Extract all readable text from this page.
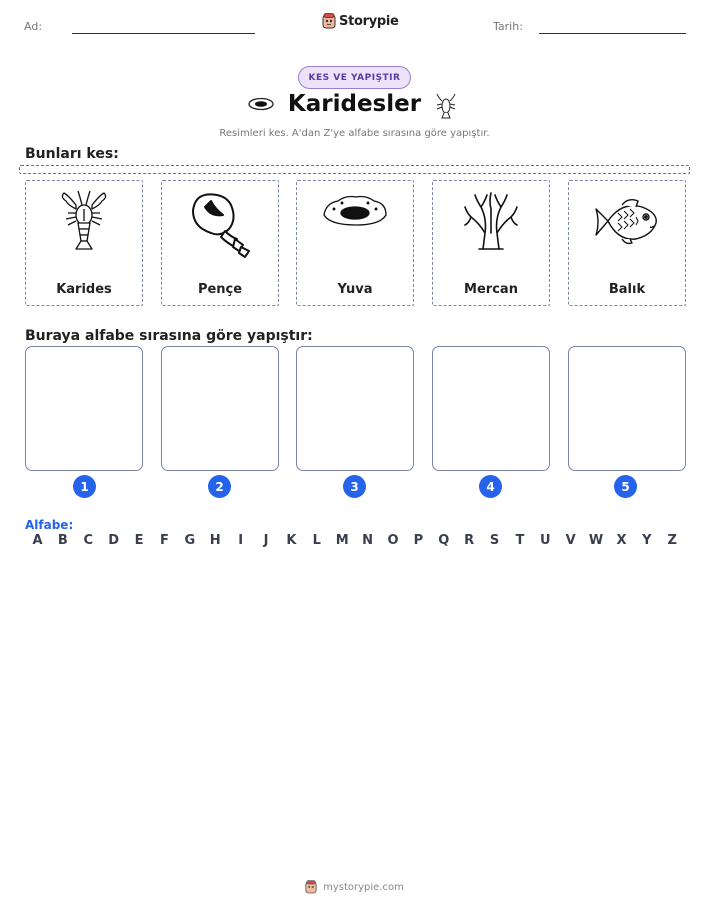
Ad:	Storypie	Tarih:
KES VE YAPIŞTIR
Karidesler
Resimleri kes. A'dan Z'ye alfabe sırasına göre yapıştır.
Bunları kes:
Karides	Pençe	Yuva	Mercan	Balık
Buraya alfabe sırasına göre yapıştır:
1	2	3	4	5
Alfabe:
A	B	C	D	E	F	G	H	I	J	K	L	M	N	O	P	Q	R	S	T	U	V	W	X	Y	Z
mystorypie.com
